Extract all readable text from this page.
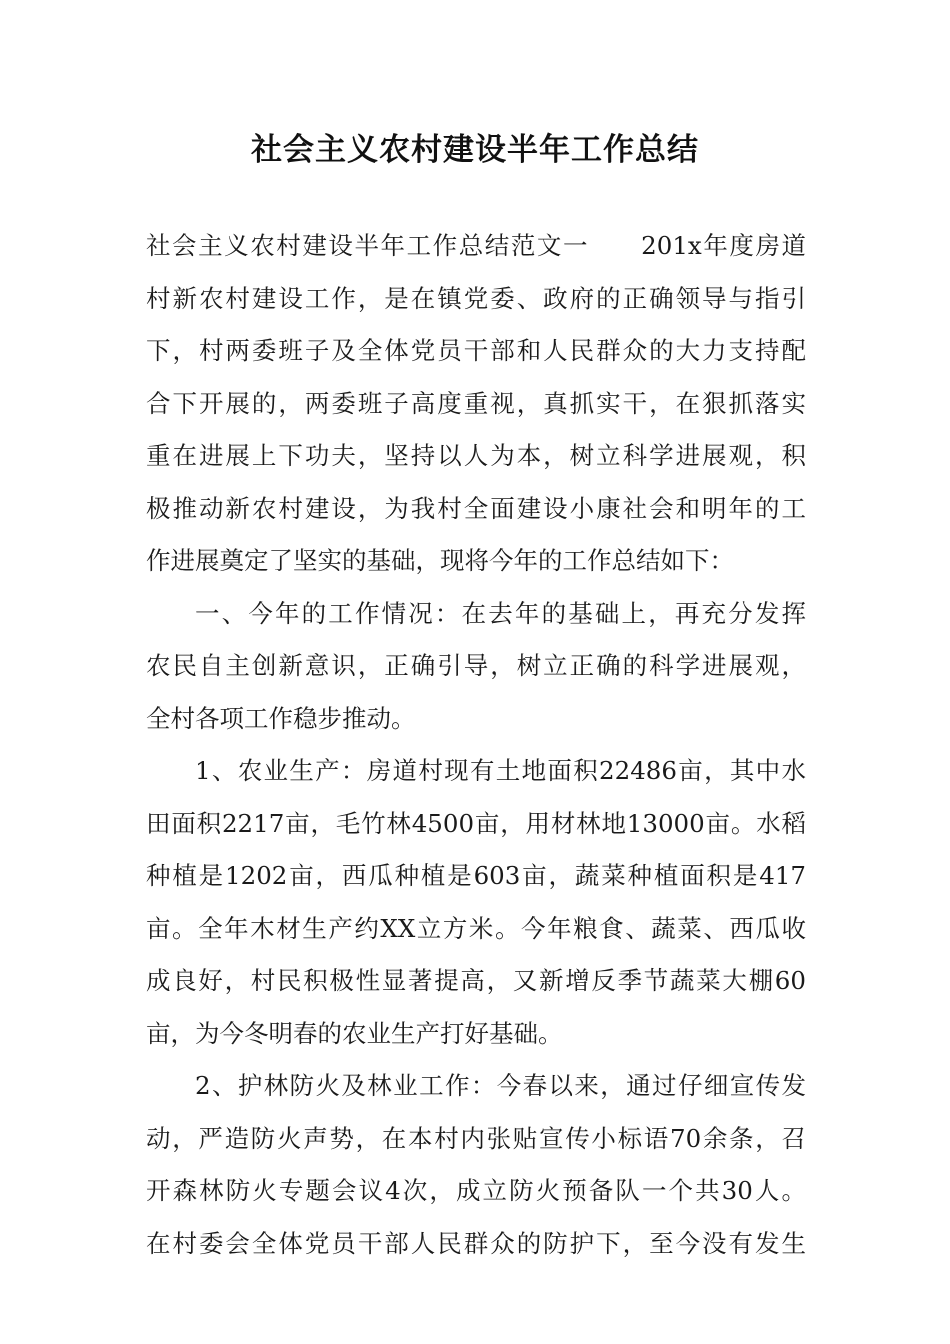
社会主义农村建设半年工作总结
社会主义农村建设半年工作总结范文一　　201x年度房道
村新农村建设工作，是在镇党委、政府的正确领导与指引
下，村两委班子及全体党员干部和人民群众的大力支持配
合下开展的，两委班子高度重视，真抓实干，在狠抓落实
重在进展上下功夫，坚持以人为本，树立科学进展观，积
极推动新农村建设，为我村全面建设小康社会和明年的工
作进展奠定了坚实的基础，现将今年的工作总结如下：
一、今年的工作情况：在去年的基础上，再充分发挥
农民自主创新意识，正确引导，树立正确的科学进展观，
全村各项工作稳步推动。
1、农业生产：房道村现有土地面积22486亩，其中水
田面积2217亩，毛竹林4500亩，用材林地13000亩。水稻
种植是1202亩，西瓜种植是603亩，蔬菜种植面积是417
亩。全年木材生产约XX立方米。今年粮食、蔬菜、西瓜收
成良好，村民积极性显著提高，又新增反季节蔬菜大棚60
亩，为今冬明春的农业生产打好基础。
2、护林防火及林业工作：今春以来，通过仔细宣传发
动，严造防火声势，在本村内张贴宣传小标语70余条，召
开森林防火专题会议4次，成立防火预备队一个共30人。
在村委会全体党员干部人民群众的防护下，至今没有发生
